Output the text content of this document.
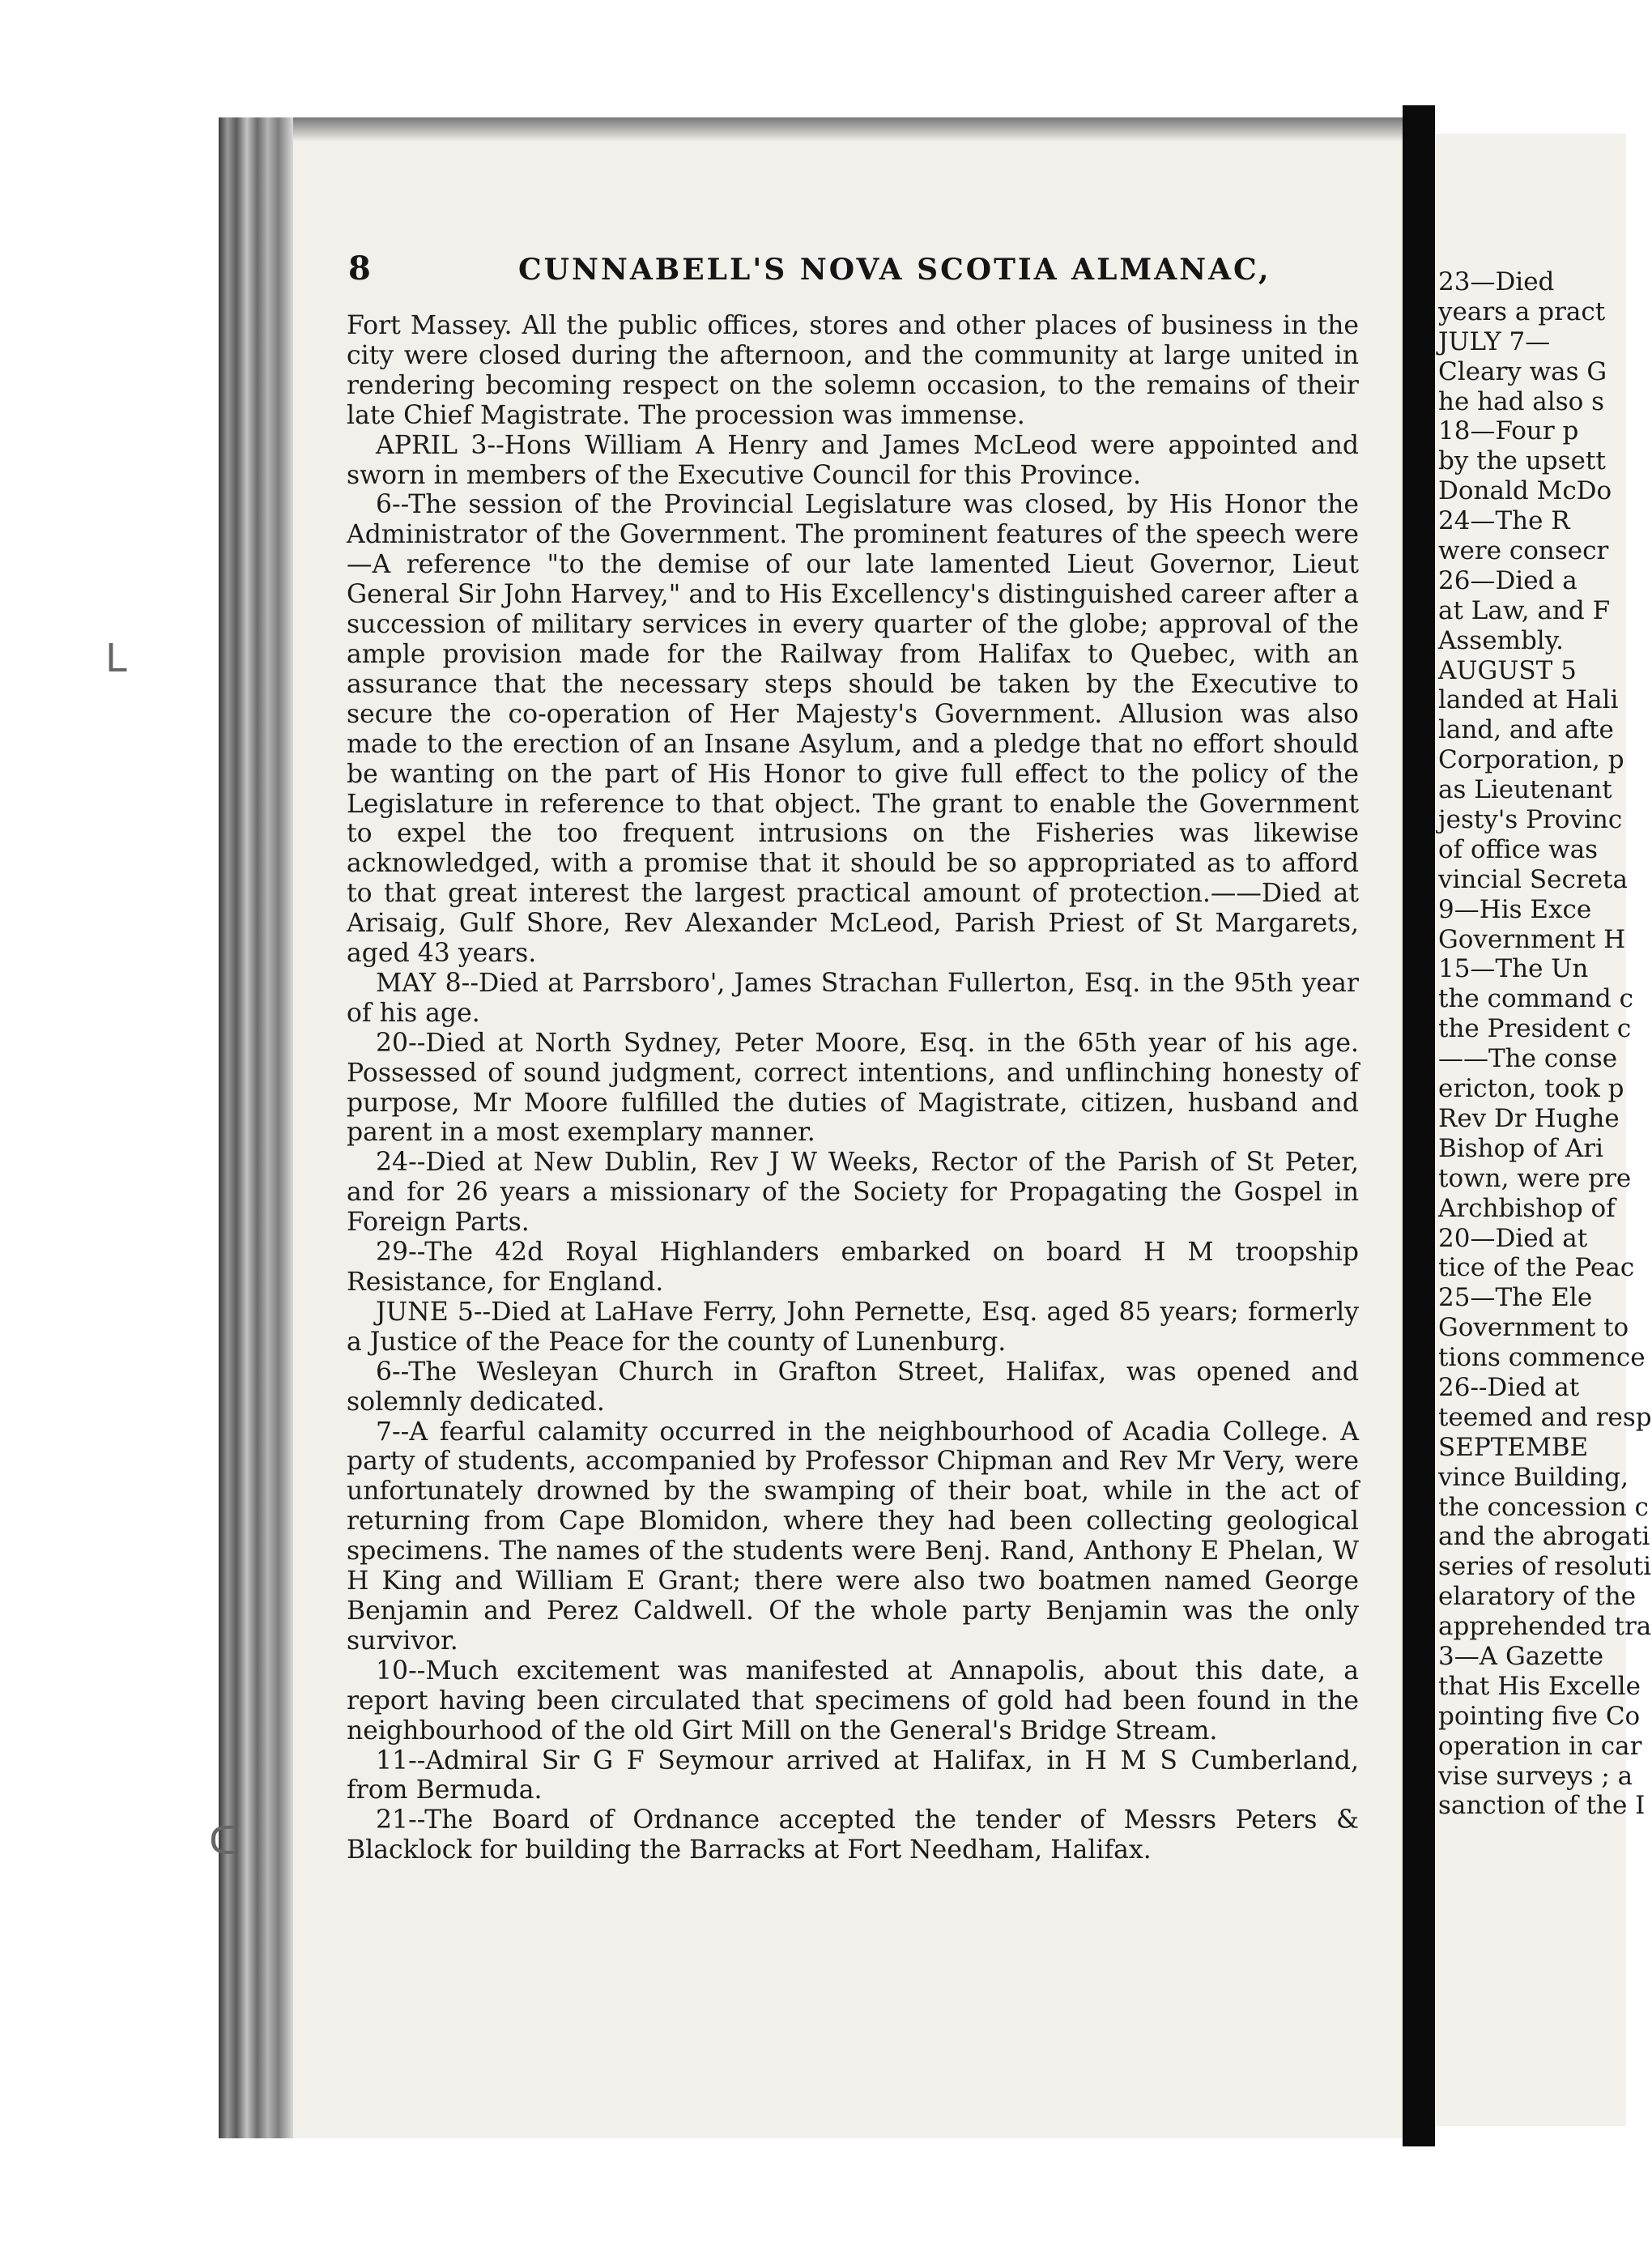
ᒪ
ᑕ
8	CUNNABELL'S NOVA SCOTIA ALMANAC,

Fort Massey. All the public offices, stores and other places of business in the city were closed during the afternoon, and the community at large united in rendering becoming respect on the solemn occasion, to the remains of their late Chief Magistrate. The procession was immense.

APRIL 3--Hons William A Henry and James McLeod were appointed and sworn in members of the Executive Council for this Province.

6--The session of the Provincial Legislature was closed, by His Honor the Administrator of the Government. The prominent features of the speech were—A reference "to the demise of our late lamented Lieut Governor, Lieut General Sir John Harvey," and to His Excellency's distinguished career after a succession of military services in every quarter of the globe; approval of the ample provision made for the Railway from Halifax to Quebec, with an assurance that the necessary steps should be taken by the Executive to secure the co-operation of Her Majesty's Government. Allusion was also made to the erection of an Insane Asylum, and a pledge that no effort should be wanting on the part of His Honor to give full effect to the policy of the Legislature in reference to that object. The grant to enable the Government to expel the too frequent intrusions on the Fisheries was likewise acknowledged, with a promise that it should be so appropriated as to afford to that great interest the largest practical amount of protection.——Died at Arisaig, Gulf Shore, Rev Alexander McLeod, Parish Priest of St Margarets, aged 43 years.

MAY 8--Died at Parrsboro', James Strachan Fullerton, Esq. in the 95th year of his age.

20--Died at North Sydney, Peter Moore, Esq. in the 65th year of his age. Possessed of sound judgment, correct intentions, and unflinching honesty of purpose, Mr Moore fulfilled the duties of Magistrate, citizen, husband and parent in a most exemplary manner.

24--Died at New Dublin, Rev J W Weeks, Rector of the Parish of St Peter, and for 26 years a missionary of the Society for Propagating the Gospel in Foreign Parts.

29--The 42d Royal Highlanders embarked on board H M troopship Resistance, for England.

JUNE 5--Died at LaHave Ferry, John Pernette, Esq. aged 85 years; formerly a Justice of the Peace for the county of Lunenburg.

6--The Wesleyan Church in Grafton Street, Halifax, was opened and solemnly dedicated.

7--A fearful calamity occurred in the neighbourhood of Acadia College. A party of students, accompanied by Professor Chipman and Rev Mr Very, were unfortunately drowned by the swamping of their boat, while in the act of returning from Cape Blomidon, where they had been collecting geological specimens. The names of the students were Benj. Rand, Anthony E Phelan, W H King and William E Grant; there were also two boatmen named George Benjamin and Perez Caldwell. Of the whole party Benjamin was the only survivor.

10--Much excitement was manifested at Annapolis, about this date, a report having been circulated that specimens of gold had been found in the neighbourhood of the old Girt Mill on the General's Bridge Stream.

11--Admiral Sir G F Seymour arrived at Halifax, in H M S Cumberland, from Bermuda.

21--The Board of Ordnance accepted the tender of Messrs Peters & Blacklock for building the Barracks at Fort Needham, Halifax.

23—Died
years a pract
JULY 7—
Cleary was G
he had also s
18—Four p
by the upsett
Donald McDo
24—The R
were consecr
26—Died a
at Law, and F
Assembly.
AUGUST 5
landed at Hali
land, and afte
Corporation, p
as Lieutenant
jesty's Provinc
of office was
vincial Secreta
9—His Exce
Government H
15—The Un
the command c
the President c
——The conse
ericton, took p
Rev Dr Hughe
Bishop of Ari
town, were pre
Archbishop of
20—Died at
tice of the Peac
25—The Ele
Government to
tions commence
26--Died at
teemed and resp
SEPTEMBE
vince Building,
the concession c
and the abrogati
series of resoluti
elaratory of the
apprehended tra
3—A Gazette
that His Excelle
pointing five Co
operation in car
vise surveys ; a
sanction of the I
